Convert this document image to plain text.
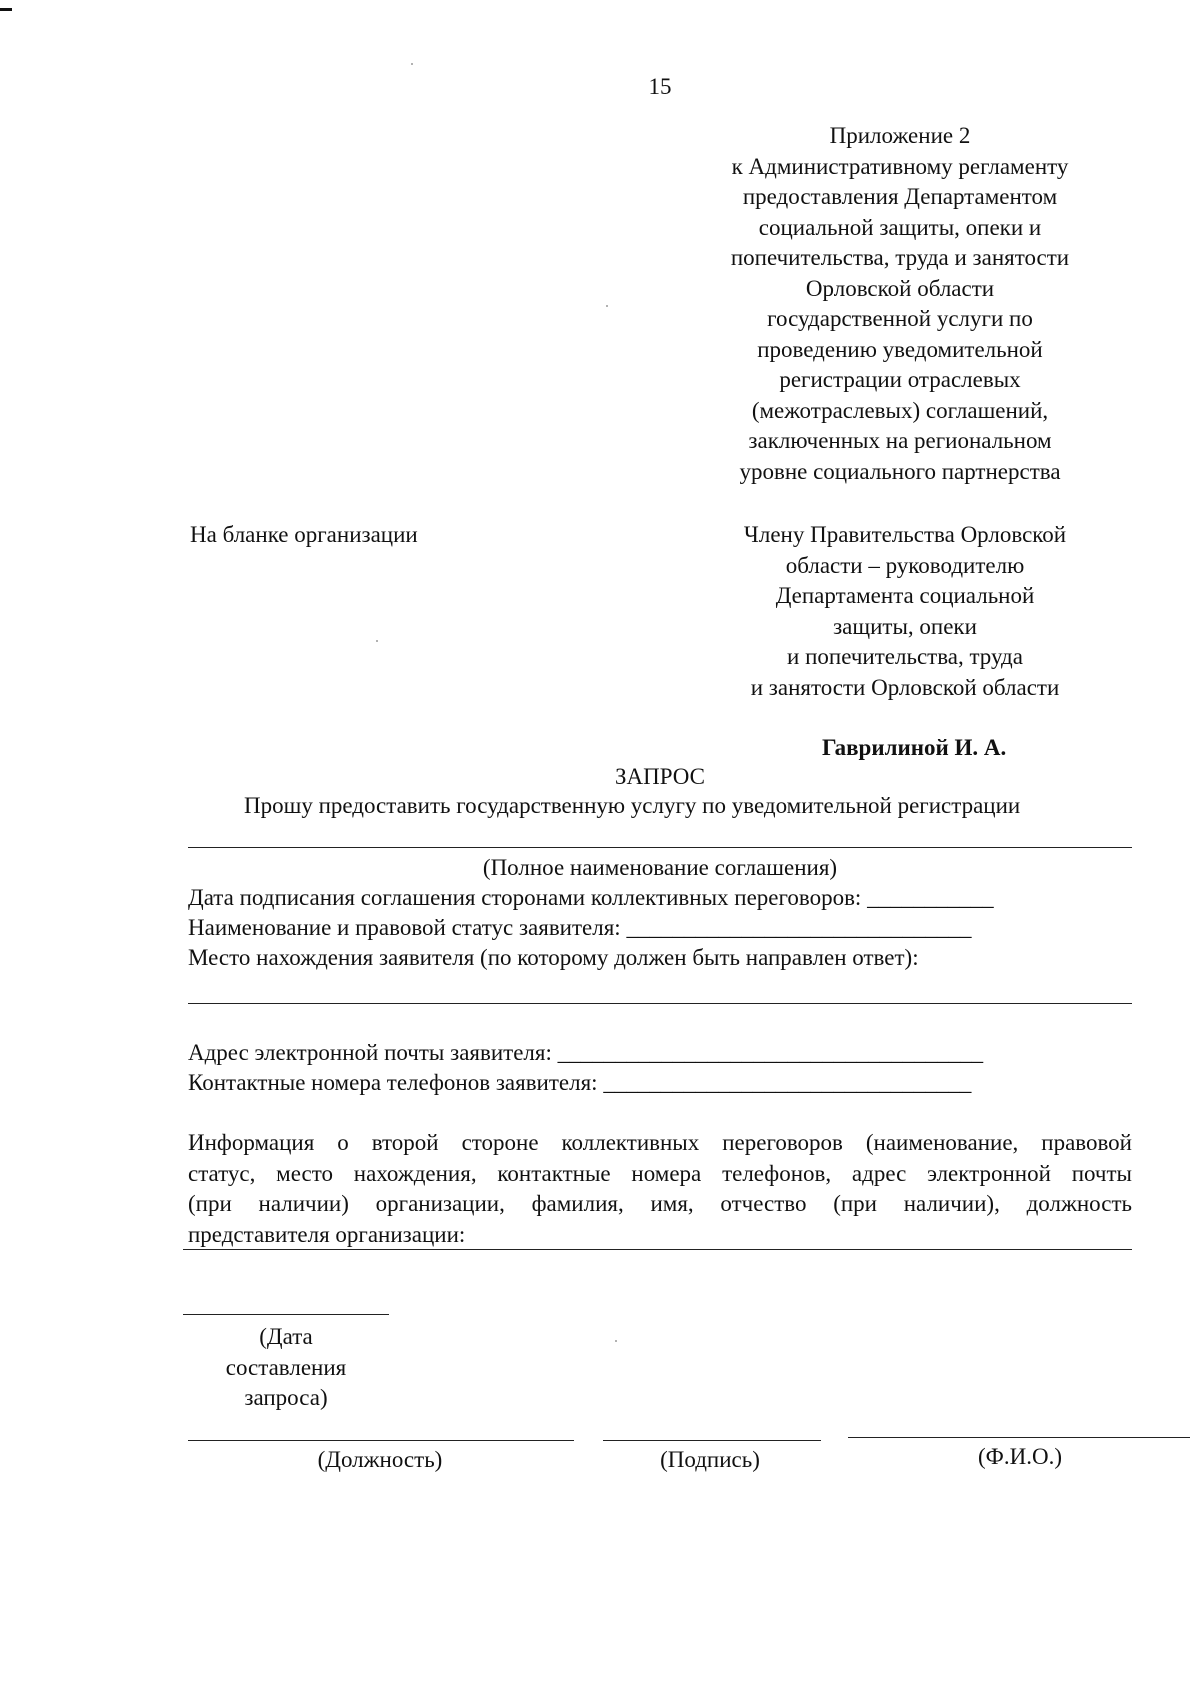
15
Приложение 2
к Административному регламенту
предоставления Департаментом
социальной защиты, опеки и
попечительства, труда и занятости
Орловской области
государственной услуги по
проведению уведомительной
регистрации отраслевых
(межотраслевых) соглашений,
заключенных на региональном
уровне социального партнерства
На бланке организации	Члену Правительства Орловской
области – руководителю
Департамента социальной
защиты, опеки
и попечительства, труда
и занятости Орловской области
Гаврилиной И. А.
ЗАПРОС
Прошу предоставить государственную услугу по уведомительной регистрации
(Полное наименование соглашения)
Дата подписания соглашения сторонами коллективных переговоров: ___________
Наименование и правовой статус заявителя: ______________________________
Место нахождения заявителя (по которому должен быть направлен ответ):
Адрес электронной почты заявителя: _____________________________________
Контактные номера телефонов заявителя: ________________________________
Информация о второй стороне коллективных переговоров (наименование, правовой
статус, место нахождения, контактные номера телефонов, адрес электронной почты
(при наличии) организации, фамилия, имя, отчество (при наличии), должность
представителя организации:
(Дата
составления
запроса)
(Должность)	(Подпись)	(Ф.И.О.)
